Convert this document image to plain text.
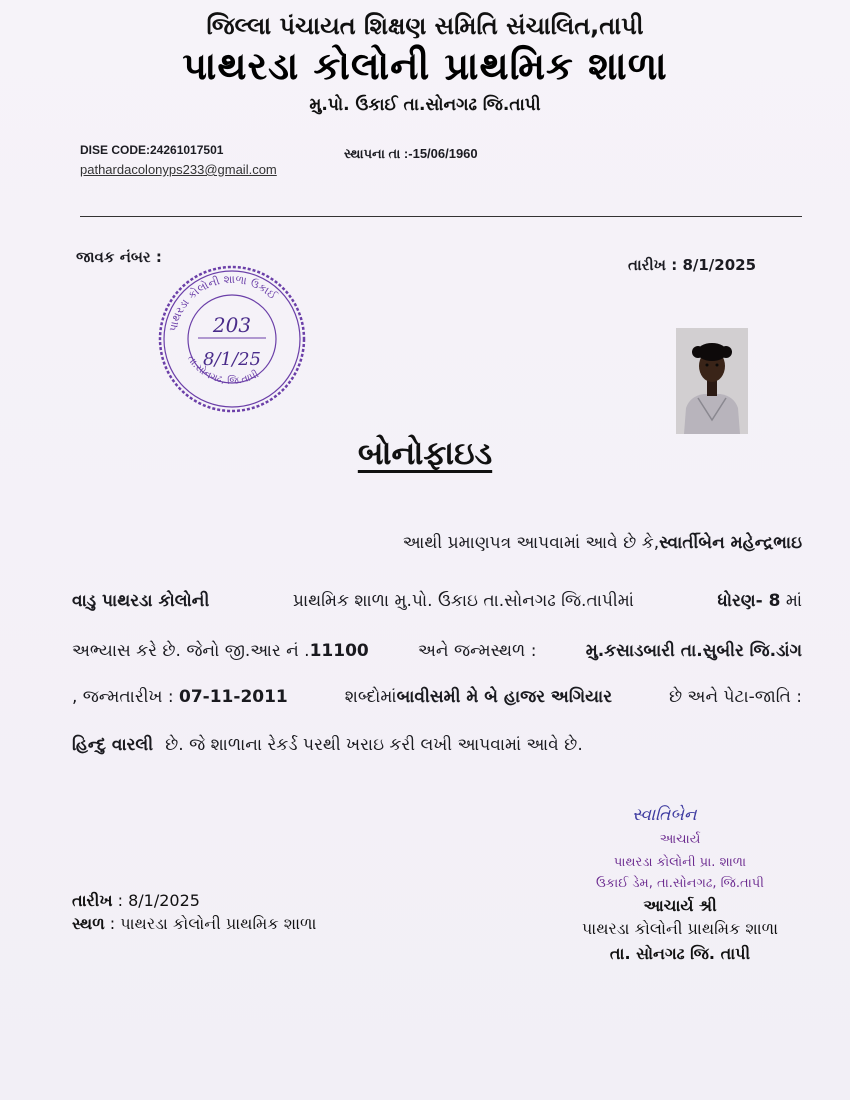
જિલ્લા પંચાયત શિક્ષણ સમિતિ સંચાલિત,તાપી
પાથરડા કોલોની પ્રાથમિક શાળા
મુ.પો. ઉકાઈ તા.સોનગઢ જિ.તાપી
DISE CODE:24261017501	સ્થાપના તા :-15/06/1960
pathardacolonyps233@gmail.com
જાવક નંબર :	તારીખ : 8/1/2025
પાથરડા કોલોની શાળા ઉકાઈ
તા.સોનગઢ, જિ.તાપી
203
8/1/25
બોનોફાઇડ
આથી પ્રમાણપત્ર આપવામાં આવે છે કે, સ્વાર્તીબેન મહેન્દ્રભાઇ
વાડુ પાથરડા કોલોની	પ્રાથમિક શાળા મુ.પો. ઉકાઇ તા.સોનગઢ જિ.તાપીમાં	ધોરણ- 8 માં
અભ્યાસ કરે છે. જેનો જી.આર નં .11100	અને જન્મસ્થળ :	મુ.કસાડબારી તા.સુબીર જિ.ડાંગ
, જન્મતારીખ : 07-11-2011	શબ્દોમાંબાવીસમી મે બે હાજર અગિયાર	છે અને પેટા-જાતિ :
હિન્દુ વારલી છે. જે શાળાના રેકર્ડ પરથી ખરાઇ કરી લખી આપવામાં આવે છે.
સ્વાતિબેન
આચાર્ય
પાથરડા કોલોની પ્રા. શાળા
ઉકાઈ ડેમ, તા.સોનગઢ, જિ.તાપી
આચાર્ય શ્રી
પાથરડા કોલોની પ્રાથમિક શાળા
તા. સોનગઢ જિ. તાપી
તારીખ : 8/1/2025
સ્થળ : પાથરડા કોલોની પ્રાથમિક શાળા
